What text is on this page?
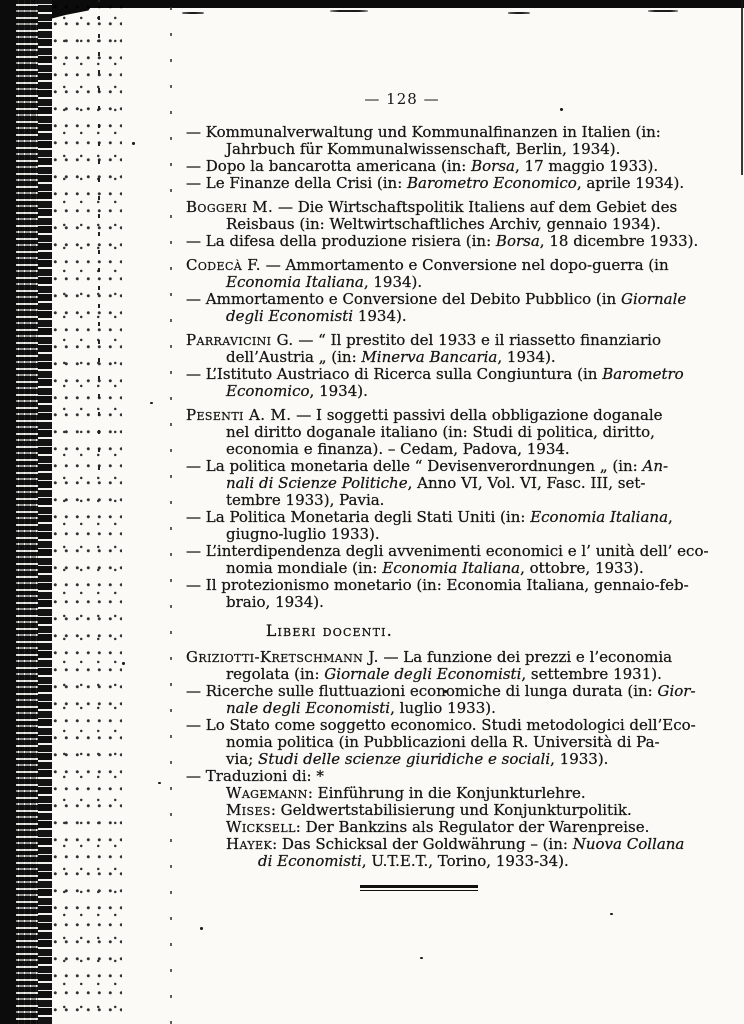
— 128 —
— Kommunalverwaltung und Kommunalfinanzen in Italien (in:
Jahrbuch für Kommunalwissenschaft, Berlin, 1934).
— Dopo la bancarotta americana (in: Borsa, 17 maggio 1933).
— Le Finanze della Crisi (in: Barometro Economico, aprile 1934).
Boggeri M. — Die Wirtschaftspolitik Italiens auf dem Gebiet des
Reisbaus (in: Weltwirtschaftliches Archiv, gennaio 1934).
— La difesa della produzione risiera (in: Borsa, 18 dicembre 1933).
Codecà F. — Ammortamento e Conversione nel dopo-guerra (in
Economia Italiana, 1934).
— Ammortamento e Conversione del Debito Pubblico (in Giornale
degli Economisti 1934).
Parravicini G. — “ Il prestito del 1933 e il riassetto finanziario
dell’Austria „ (in: Minerva Bancaria, 1934).
— L’Istituto Austriaco di Ricerca sulla Congiuntura (in Barometro
Economico, 1934).
Pesenti A. M. — I soggetti passivi della obbligazione doganale
nel diritto doganale italiano (in: Studi di politica, diritto,
economia e finanza). – Cedam, Padova, 1934.
— La politica monetaria delle “ Devisenverordnungen „ (in: An-
nali di Scienze Politiche, Anno VI, Vol. VI, Fasc. III, set-
tembre 1933), Pavia.
— La Politica Monetaria degli Stati Uniti (in: Economia Italiana,
giugno-luglio 1933).
— L’interdipendenza degli avvenimenti economici e l’ unità dell’ eco-
nomia mondiale (in: Economia Italiana, ottobre, 1933).
— Il protezionismo monetario (in: Economia Italiana, gennaio-feb-
braio, 1934).
Liberi docenti.
Griziotti-Kretschmann J. — La funzione dei prezzi e l’economia
regolata (in: Giornale degli Economisti, settembre 1931).
— Ricerche sulle fluttuazioni economiche di lunga durata (in: Gior-
nale degli Economisti, luglio 1933).
— Lo Stato come soggetto economico. Studi metodologici dell’Eco-
nomia politica (in Pubblicazioni della R. Università di Pa-
via; Studi delle scienze giuridiche e sociali, 1933).
— Traduzioni di: *
Wagemann: Einführung in die Konjunkturlehre.
Mises: Geldwertstabilisierung und Konjunkturpolitik.
Wicksell: Der Bankzins als Regulator der Warenpreise.
Hayek: Das Schicksal der Goldwährung – (in: Nuova Collana
di Economisti, U.T.E.T., Torino, 1933-34).
